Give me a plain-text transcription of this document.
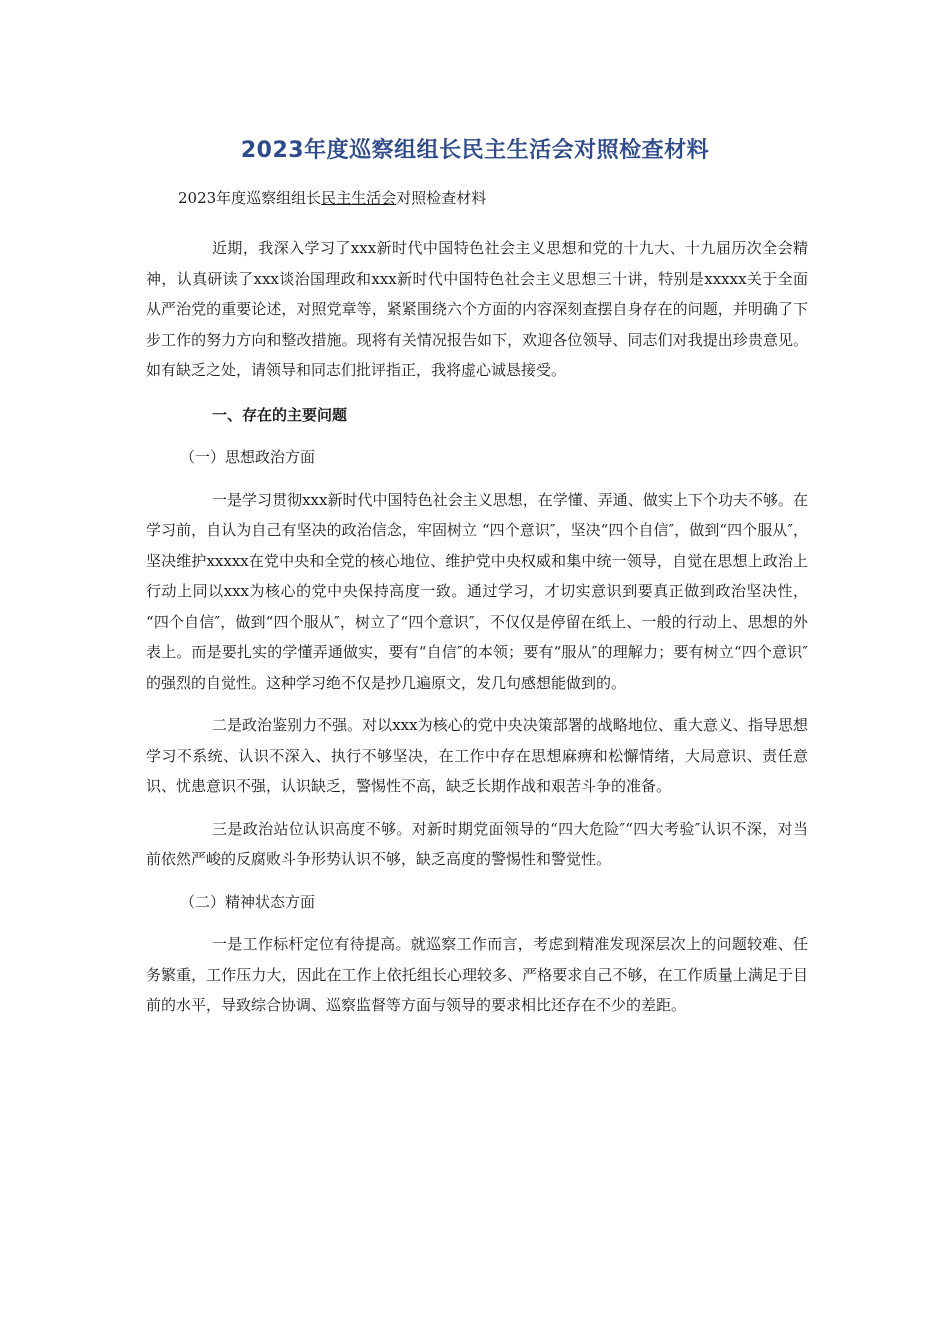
2023年度巡察组组长民主生活会对照检查材料
2023年度巡察组组长民主生活会对照检查材料

近期，我深入学习了xxx新时代中国特色社会主义思想和党的十九大、十九届历次全会精神，认真研读了xxx谈治国理政和xxx新时代中国特色社会主义思想三十讲，特别是xxxxx关于全面从严治党的重要论述，对照党章等，紧紧围绕六个方面的内容深刻查摆自身存在的问题，并明确了下步工作的努力方向和整改措施。现将有关情况报告如下，欢迎各位领导、同志们对我提出珍贵意见。如有缺乏之处，请领导和同志们批评指正，我将虚心诚恳接受。

一、存在的主要问题

（一）思想政治方面

一是学习贯彻xxx新时代中国特色社会主义思想，在学懂、弄通、做实上下个功夫不够。在学习前，自认为自己有坚决的政治信念，牢固树立 “四个意识″，坚决“四个自信″，做到“四个服从″，坚决维护xxxxx在党中央和全党的核心地位、维护党中央权威和集中统一领导，自觉在思想上政治上行动上同以xxx为核心的党中央保持高度一致。通过学习，才切实意识到要真正做到政治坚决性， “四个自信″，做到“四个服从″，树立了“四个意识″，不仅仅是停留在纸上、一般的行动上、思想的外表上。而是要扎实的学懂弄通做实，要有“自信″的本领；要有“服从″的理解力；要有树立“四个意识″的强烈的自觉性。这种学习绝不仅是抄几遍原文，发几句感想能做到的。

二是政治鉴别力不强。对以xxx为核心的党中央决策部署的战略地位、重大意义、指导思想学习不系统、认识不深入、执行不够坚决，在工作中存在思想麻痹和松懈情绪，大局意识、责任意识、忧患意识不强，认识缺乏，警惕性不高，缺乏长期作战和艰苦斗争的准备。

三是政治站位认识高度不够。对新时期党面领导的“四大危险″“四大考验″认识不深，对当前依然严峻的反腐败斗争形势认识不够，缺乏高度的警惕性和警觉性。

（二）精神状态方面

一是工作标杆定位有待提高。就巡察工作而言，考虑到精准发现深层次上的问题较难、任务繁重，工作压力大，因此在工作上依托组长心理较多、严格要求自己不够，在工作质量上满足于目前的水平，导致综合协调、巡察监督等方面与领导的要求相比还存在不少的差距。
